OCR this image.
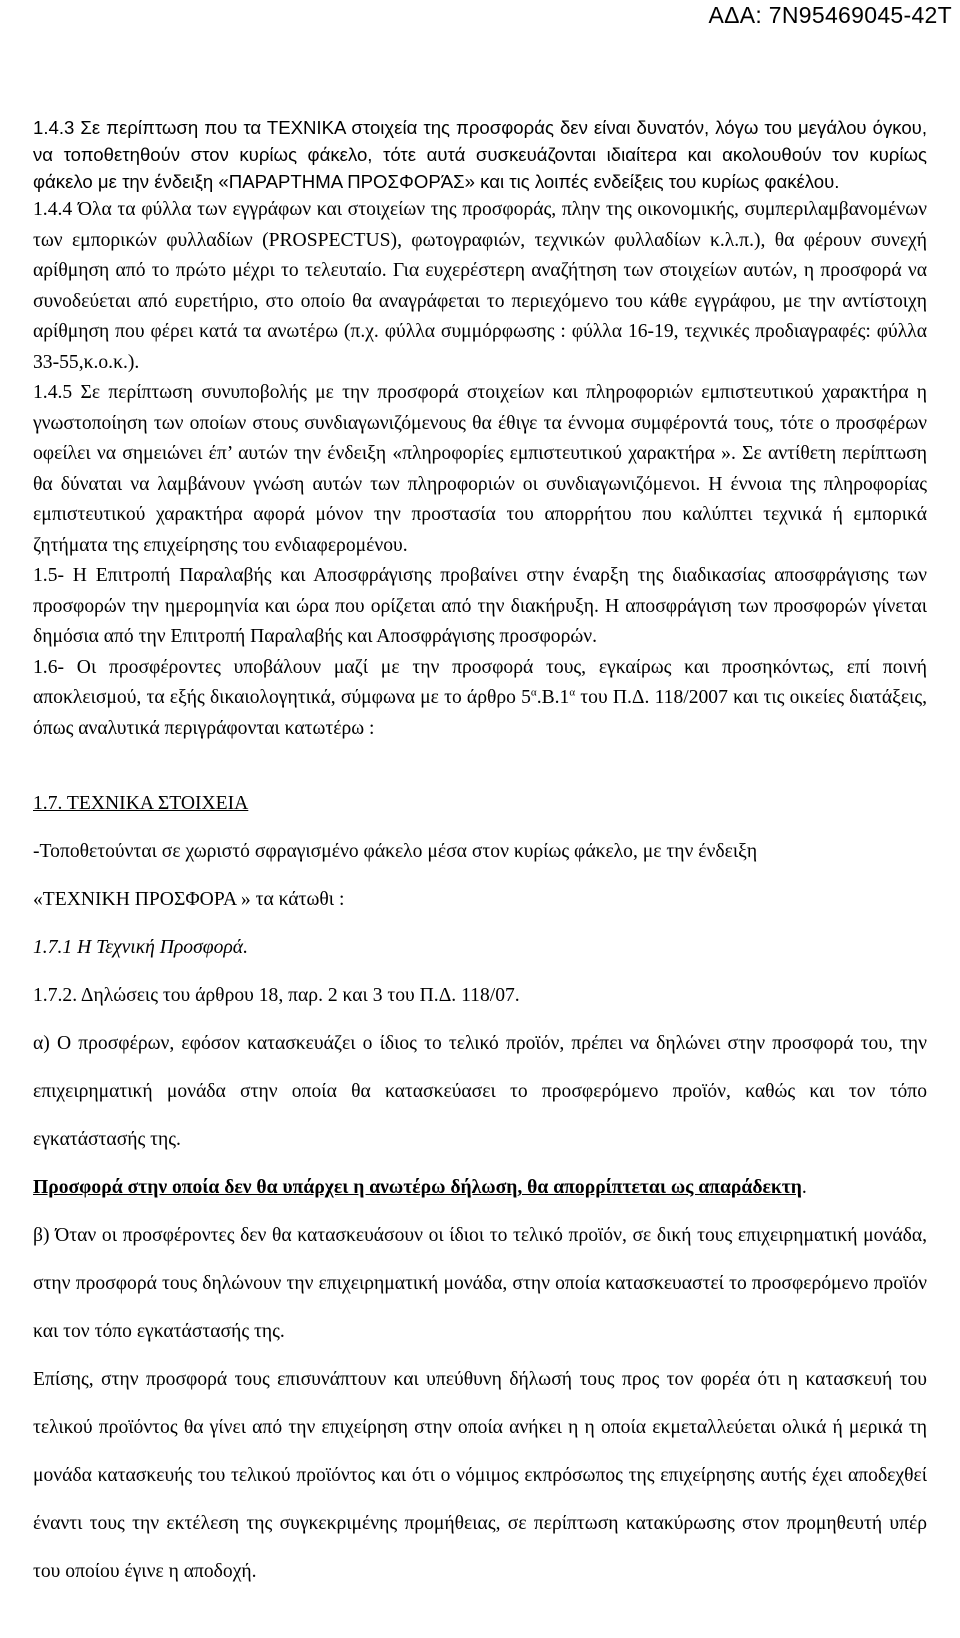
ΑΔΑ: 7Ν95469045-42Τ

1.4.3 Σε περίπτωση που τα ΤΕΧΝΙΚΑ στοιχεία της προσφοράς δεν είναι δυνατόν, λόγω του μεγάλου όγκου, να τοποθετηθούν στον κυρίως φάκελο, τότε αυτά συσκευάζονται ιδιαίτερα και ακολουθούν τον κυρίως φάκελο με την ένδειξη «ΠΑΡΑΡΤΗΜΑ ΠΡΟΣΦΟΡΆΣ» και τις λοιπές ενδείξεις του κυρίως φακέλου.

1.4.4 Όλα τα φύλλα των εγγράφων και στοιχείων της προσφοράς, πλην της οικονομικής, συμπεριλαμβανομένων των εμπορικών φυλλαδίων (PROSPECTUS), φωτογραφιών, τεχνικών φυλλαδίων κ.λ.π.), θα φέρουν συνεχή αρίθμηση από το πρώτο μέχρι το τελευταίο. Για ευχερέστερη αναζήτηση των στοιχείων αυτών, η προσφορά να συνοδεύεται από ευρετήριο, στο οποίο θα αναγράφεται το περιεχόμενο του κάθε εγγράφου, με την αντίστοιχη αρίθμηση που φέρει κατά τα ανωτέρω (π.χ. φύλλα συμμόρφωσης : φύλλα 16-19, τεχνικές προδιαγραφές: φύλλα 33-55,κ.ο.κ.).

1.4.5 Σε περίπτωση συνυποβολής με την προσφορά στοιχείων και πληροφοριών εμπιστευτικού χαρακτήρα η γνωστοποίηση των οποίων στους συνδιαγωνιζόμενους θα έθιγε τα έννομα συμφέροντά τους, τότε ο προσφέρων οφείλει να σημειώνει έπ’ αυτών την ένδειξη «πληροφορίες εμπιστευτικού χαρακτήρα ». Σε αντίθετη περίπτωση θα δύναται να λαμβάνουν γνώση αυτών των πληροφοριών οι συνδιαγωνιζόμενοι. Η έννοια της πληροφορίας εμπιστευτικού χαρακτήρα αφορά μόνον την προστασία του απορρήτου που καλύπτει τεχνικά ή εμπορικά ζητήματα της επιχείρησης του ενδιαφερομένου.

1.5- Η Επιτροπή Παραλαβής και Αποσφράγισης προβαίνει στην έναρξη της διαδικασίας αποσφράγισης των προσφορών την ημερομηνία και ώρα που ορίζεται από την διακήρυξη. Η αποσφράγιση των προσφορών γίνεται δημόσια από την Επιτροπή Παραλαβής και Αποσφράγισης προσφορών.

1.6- Οι προσφέροντες υποβάλουν μαζί με την προσφορά τους, εγκαίρως και προσηκόντως, επί ποινή αποκλεισμού, τα εξής δικαιολογητικά, σύμφωνα με το άρθρο $5^\alpha.B.1^\alpha$ του Π.Δ. 118/2007 και τις οικείες διατάξεις, όπως αναλυτικά περιγράφονται κατωτέρω :

1.7. ΤΕΧΝΙΚΑ ΣΤΟΙΧΕΙΑ

-Τοποθετούνται σε χωριστό σφραγισμένο φάκελο μέσα στον κυρίως φάκελο, με την ένδειξη

«ΤΕΧΝΙΚΗ ΠΡΟΣΦΟΡΑ » τα κάτωθι :

1.7.1 Η Τεχνική Προσφορά.

1.7.2. Δηλώσεις του άρθρου 18, παρ. 2 και 3 του Π.Δ. 118/07.

α) Ο προσφέρων, εφόσον κατασκευάζει ο ίδιος το τελικό προϊόν, πρέπει να δηλώνει στην προσφορά του, την επιχειρηματική μονάδα στην οποία θα κατασκεύασει το προσφερόμενο προϊόν, καθώς και τον τόπο εγκατάστασής της.

Προσφορά στην οποία δεν θα υπάρχει η ανωτέρω δήλωση, θα απορρίπτεται ως απαράδεκτη.

β) Όταν οι προσφέροντες δεν θα κατασκευάσουν οι ίδιοι το τελικό προϊόν, σε δική τους επιχειρηματική μονάδα, στην προσφορά τους δηλώνουν την επιχειρηματική μονάδα, στην οποία κατασκευαστεί το προσφερόμενο προϊόν και τον τόπο εγκατάστασής της.

Επίσης, στην προσφορά τους επισυνάπτουν και υπεύθυνη δήλωσή τους προς τον φορέα ότι η κατασκευή του τελικού προϊόντος θα γίνει από την επιχείρηση στην οποία ανήκει η η οποία εκμεταλλεύεται ολικά ή μερικά τη μονάδα κατασκευής του τελικού προϊόντος και ότι ο νόμιμος εκπρόσωπος της επιχείρησης αυτής έχει αποδεχθεί έναντι τους την εκτέλεση της συγκεκριμένης προμήθειας, σε περίπτωση κατακύρωσης στον προμηθευτή υπέρ του οποίου έγινε η αποδοχή.
